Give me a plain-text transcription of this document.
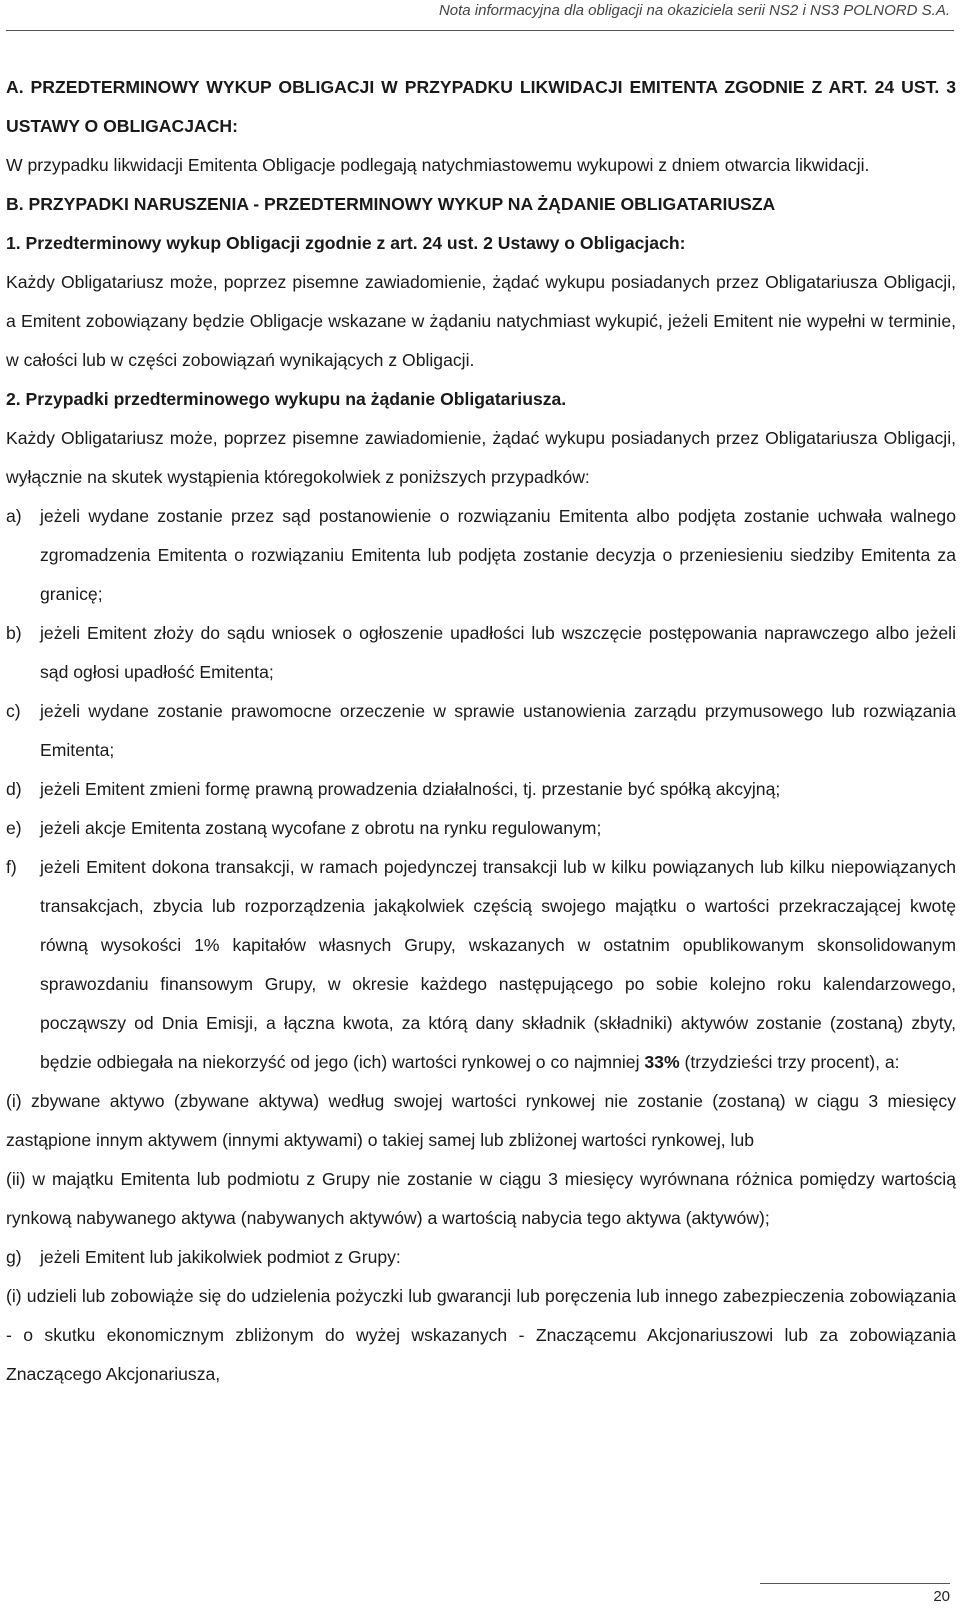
Nota informacyjna dla obligacji na okaziciela serii NS2 i NS3 POLNORD S.A.

A. PRZEDTERMINOWY WYKUP OBLIGACJI W PRZYPADKU LIKWIDACJI EMITENTA ZGODNIE Z ART. 24 UST. 3 USTAWY O OBLIGACJACH:

W przypadku likwidacji Emitenta Obligacje podlegają natychmiastowemu wykupowi z dniem otwarcia likwidacji.

B. PRZYPADKI NARUSZENIA - PRZEDTERMINOWY WYKUP NA ŻĄDANIE OBLIGATARIUSZA

1. Przedterminowy wykup Obligacji zgodnie z art. 24 ust. 2 Ustawy o Obligacjach:

Każdy Obligatariusz może, poprzez pisemne zawiadomienie, żądać wykupu posiadanych przez Obligatariusza Obligacji, a Emitent zobowiązany będzie Obligacje wskazane w żądaniu natychmiast wykupić, jeżeli Emitent nie wypełni w terminie, w całości lub w części zobowiązań wynikających z Obligacji.

2. Przypadki przedterminowego wykupu na żądanie Obligatariusza.

Każdy Obligatariusz może, poprzez pisemne zawiadomienie, żądać wykupu posiadanych przez Obligatariusza Obligacji, wyłącznie na skutek wystąpienia któregokolwiek z poniższych przypadków:

a)	jeżeli wydane zostanie przez sąd postanowienie o rozwiązaniu Emitenta albo podjęta zostanie uchwała walnego zgromadzenia Emitenta o rozwiązaniu Emitenta lub podjęta zostanie decyzja o przeniesieniu siedziby Emitenta za granicę;
b)	jeżeli Emitent złoży do sądu wniosek o ogłoszenie upadłości lub wszczęcie postępowania naprawczego albo jeżeli sąd ogłosi upadłość Emitenta;
c)	jeżeli wydane zostanie prawomocne orzeczenie w sprawie ustanowienia zarządu przymusowego lub rozwiązania Emitenta;
d)	jeżeli Emitent zmieni formę prawną prowadzenia działalności, tj. przestanie być spółką akcyjną;
e)	jeżeli akcje Emitenta zostaną wycofane z obrotu na rynku regulowanym;
f)	jeżeli Emitent dokona transakcji, w ramach pojedynczej transakcji lub w kilku powiązanych lub kilku niepowiązanych transakcjach, zbycia lub rozporządzenia jakąkolwiek częścią swojego majątku o wartości przekraczającej kwotę równą wysokości 1% kapitałów własnych Grupy, wskazanych w ostatnim opublikowanym skonsolidowanym sprawozdaniu finansowym Grupy, w okresie każdego następującego po sobie kolejno roku kalendarzowego, począwszy od Dnia Emisji, a łączna kwota, za którą dany składnik (składniki) aktywów zostanie (zostaną) zbyty, będzie odbiegała na niekorzyść od jego (ich) wartości rynkowej o co najmniej 33% (trzydzieści trzy procent), a:

(i) zbywane aktywo (zbywane aktywa) według swojej wartości rynkowej nie zostanie (zostaną) w ciągu 3 miesięcy zastąpione innym aktywem (innymi aktywami) o takiej samej lub zbliżonej wartości rynkowej, lub

(ii) w majątku Emitenta lub podmiotu z Grupy nie zostanie w ciągu 3 miesięcy wyrównana różnica pomiędzy wartością rynkową nabywanego aktywa (nabywanych aktywów) a wartością nabycia tego aktywa (aktywów);

g)	jeżeli Emitent lub jakikolwiek podmiot z Grupy:

(i) udzieli lub zobowiąże się do udzielenia pożyczki lub gwarancji lub poręczenia lub innego zabezpieczenia zobowiązania - o skutku ekonomicznym zbliżonym do wyżej wskazanych - Znaczącemu Akcjonariuszowi lub za zobowiązania Znaczącego Akcjonariusza,

20
